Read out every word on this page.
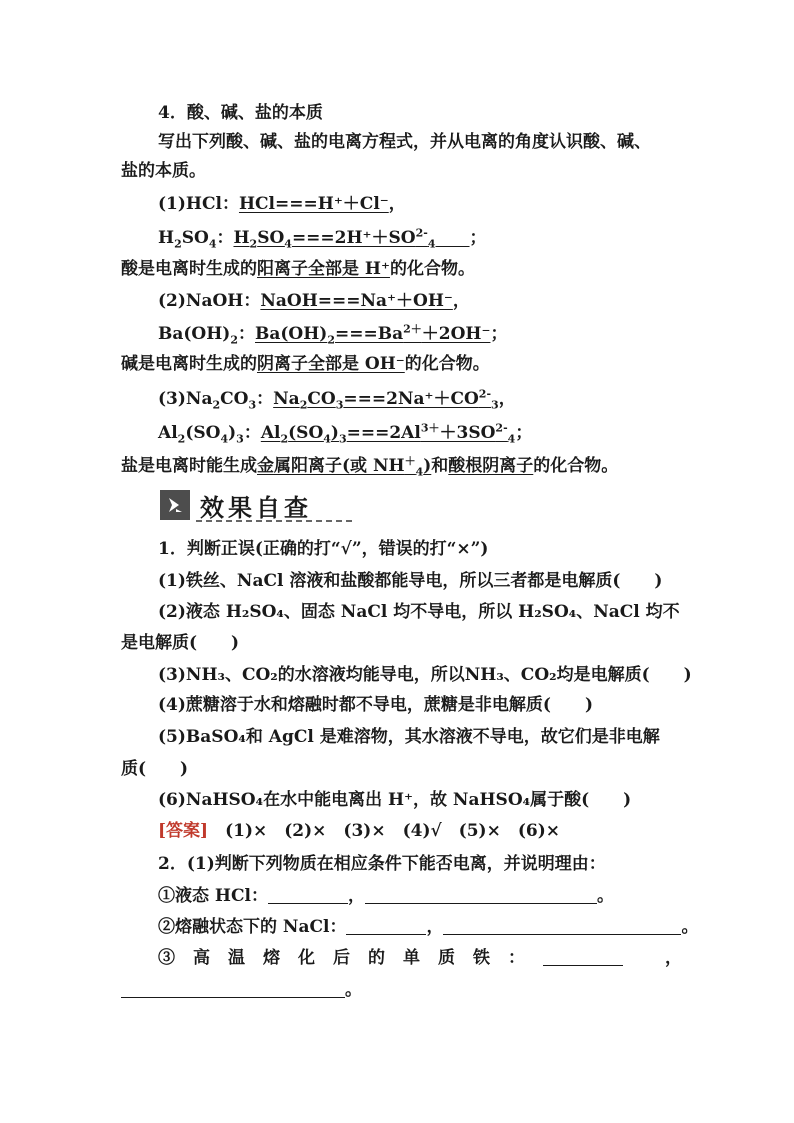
4．酸、碱、盐的本质
写出下列酸、碱、盐的电离方程式，并从电离的角度认识酸、碱、
盐的本质。
(1)HCl：HCl===H⁺＋Cl⁻，
$H_2SO_4$：$H_2SO_4===2H^++SO^{2-}_4$　　 ；
酸是电离时生成的阳离子全部是 H⁺的化合物。
(2)NaOH：NaOH===Na⁺＋OH⁻，
$Ba(OH)_2$：$Ba(OH)_2===Ba^{2+}+2OH^-$；
碱是电离时生成的阴离子全部是 OH⁻的化合物。
$(3)Na_2CO_3$：$Na_2CO_3===2Na^++CO^{2-}_3$，
$Al_2(SO_4)_3$：$Al_2(SO_4)_3===2Al^{3+}+3SO^{2-}_4$；
盐是电离时能生成金属阳离子(或 $NH^+_4$)和酸根阴离子的化合物。
效果自查
1．判断正误(正确的打“√”，错误的打“×”)
(1)铁丝、NaCl 溶液和盐酸都能导电，所以三者都是电解质(　　)
(2)液态 H₂SO₄、固态 NaCl 均不导电，所以 H₂SO₄、NaCl 均不
是电解质(　　)
(3)NH₃、CO₂的水溶液均能导电，所以NH₃、CO₂均是电解质(　　)
(4)蔗糖溶于水和熔融时都不导电，蔗糖是非电解质(　　)
(5)BaSO₄和 AgCl 是难溶物，其水溶液不导电，故它们是非电解
质(　　)
(6)NaHSO₄在水中能电离出 H⁺，故 NaHSO₄属于酸(　　)
[答案]　 (1)×　(2)×　(3)×　(4)√　(5)×　(6)×
2．(1)判断下列物质在相应条件下能否电离，并说明理由：
①液态 HCl：	，	。
②熔融状态下的 NaCl：	，	。
③高温熔化后的单质铁：	，
。
